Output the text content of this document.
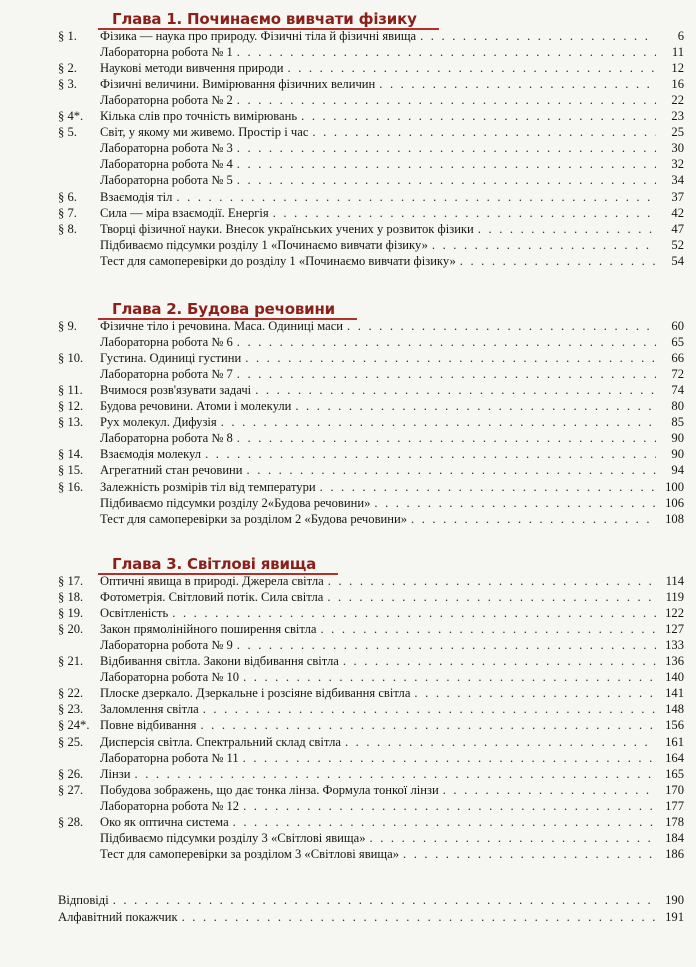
Глава 1. Починаємо вивчати фізику
§ 1. Фізика — наука про природу. Фізичні тіла й фізичні явища . . .	6
Лабораторна робота № 1 . . .	11
§ 2. Наукові методи вивчення природи . . .	12
§ 3. Фізичні величини. Вимірювання фізичних величин . . .	16
Лабораторна робота № 2 . . .	22
§ 4*. Кілька слів про точність вимірювань . . .	23
§ 5. Світ, у якому ми живемо. Простір і час . . .	25
Лабораторна робота № 3 . . .	30
Лабораторна робота № 4 . . .	32
Лабораторна робота № 5 . . .	34
§ 6. Взаємодія тіл . . .	37
§ 7. Сила — міра взаємодії. Енергія . . .	42
§ 8. Творці фізичної науки. Внесок українських учених у розвиток фізики . . .	47
Підбиваємо підсумки розділу 1 «Починаємо вивчати фізику» . . .	52
Тест для самоперевірки до розділу 1 «Починаємо вивчати фізику» . . .	54
Глава 2. Будова речовини
§ 9. Фізичне тіло і речовина. Маса. Одиниці маси . . .	60
Лабораторна робота № 6 . . .	65
§ 10. Густина. Одиниці густини . . .	66
Лабораторна робота № 7 . . .	72
§ 11. Вчимося розв'язувати задачі . . .	74
§ 12. Будова речовини. Атоми і молекули . . .	80
§ 13. Рух молекул. Дифузія . . .	85
Лабораторна робота № 8 . . .	90
§ 14. Взаємодія молекул . . .	90
§ 15. Агрегатний стан речовини . . .	94
§ 16. Залежність розмірів тіл від температури . . .	100
Підбиваємо підсумки розділу 2«Будова речовини» . . .	106
Тест для самоперевірки за розділом 2 «Будова речовини» . . .	108
Глава 3. Світлові явища
§ 17. Оптичні явища в природі. Джерела світла . . .	114
§ 18. Фотометрія. Світловий потік. Сила світла . . .	119
§ 19. Освітленість . . .	122
§ 20. Закон прямолінійного поширення світла . . .	127
Лабораторна робота № 9 . . .	133
§ 21. Відбивання світла. Закони відбивання світла . . .	136
Лабораторна робота № 10 . . .	140
§ 22. Плоске дзеркало. Дзеркальне і розсіяне відбивання світла . . .	141
§ 23. Заломлення світла . . .	148
§ 24*. Повне відбивання . . .	156
§ 25. Дисперсія світла. Спектральний склад світла . . .	161
Лабораторна робота № 11 . . .	164
§ 26. Лінзи . . .	165
§ 27. Побудова зображень, що дає тонка лінза. Формула тонкої лінзи . . .	170
Лабораторна робота № 12 . . .	177
§ 28. Око як оптична система . . .	178
Підбиваємо підсумки розділу 3 «Світлові явища» . . .	184
Тест для самоперевірки за розділом 3 «Світлові явища» . . .	186
Відповіді . . .	190
Алфавітний покажчик . . .	191
